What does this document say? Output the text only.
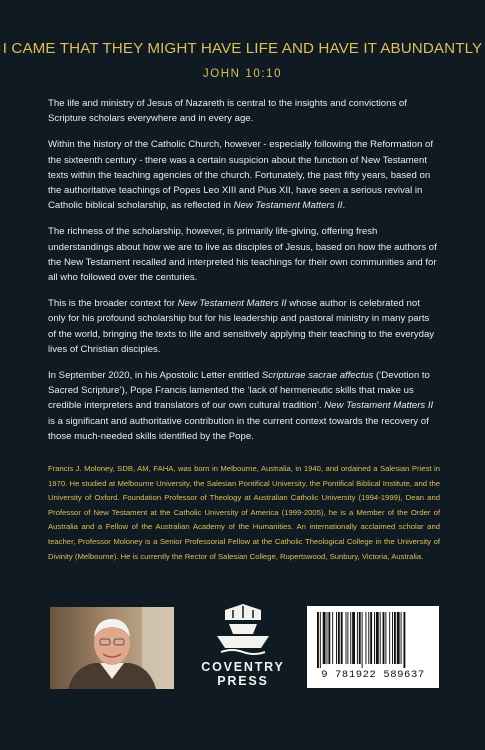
I CAME THAT THEY MIGHT HAVE LIFE AND HAVE IT ABUNDANTLY
JOHN 10:10

The life and ministry of Jesus of Nazareth is central to the insights and convictions of Scripture scholars everywhere and in every age.

Within the history of the Catholic Church, however - especially following the Reformation of the sixteenth century - there was a certain suspicion about the function of New Testament texts within the teaching agencies of the church. Fortunately, the past fifty years, based on the authoritative teachings of Popes Leo XIII and Pius XII, have seen a serious revival in Catholic biblical scholarship, as reflected in New Testament Matters II.

The richness of the scholarship, however, is primarily life-giving, offering fresh understandings about how we are to live as disciples of Jesus, based on how the authors of the New Testament recalled and interpreted his teachings for their own communities and for all who followed over the centuries.

This is the broader context for New Testament Matters II whose author is celebrated not only for his profound scholarship but for his leadership and pastoral ministry in many parts of the world, bringing the texts to life and sensitively applying their teaching to the everyday lives of Christian disciples.

In September 2020, in his Apostolic Letter entitled Scripturae sacrae affectus (‘Devotion to Sacred Scripture’), Pope Francis lamented the ‘lack of hermeneutic skills that make us credible interpreters and translators of our own cultural tradition’. New Testament Matters II is a significant and authoritative contribution in the current context towards the recovery of those much-needed skills identified by the Pope.

Francis J. Moloney, SDB, AM, FAHA, was born in Melbourne, Australia, in 1940, and ordained a Salesian Priest in 1970. He studied at Melbourne University, the Salesian Pontifical University, the Pontifical Biblical Institute, and the University of Oxford. Foundation Professor of Theology at Australian Catholic University (1994-1999), Dean and Professor of New Testament at the Catholic University of America (1999-2005), he is a Member of the Order of Australia and a Fellow of the Australian Academy of the Humanities. An internationally acclaimed scholar and teacher, Professor Moloney is a Senior Professorial Fellow at the Catholic Theological College in the University of Divinity (Melbourne). He is currently the Rector of Salesian College, Rupertswood, Sunbury, Victoria, Australia.
COVENTRY
PRESS	9 781922 589637
